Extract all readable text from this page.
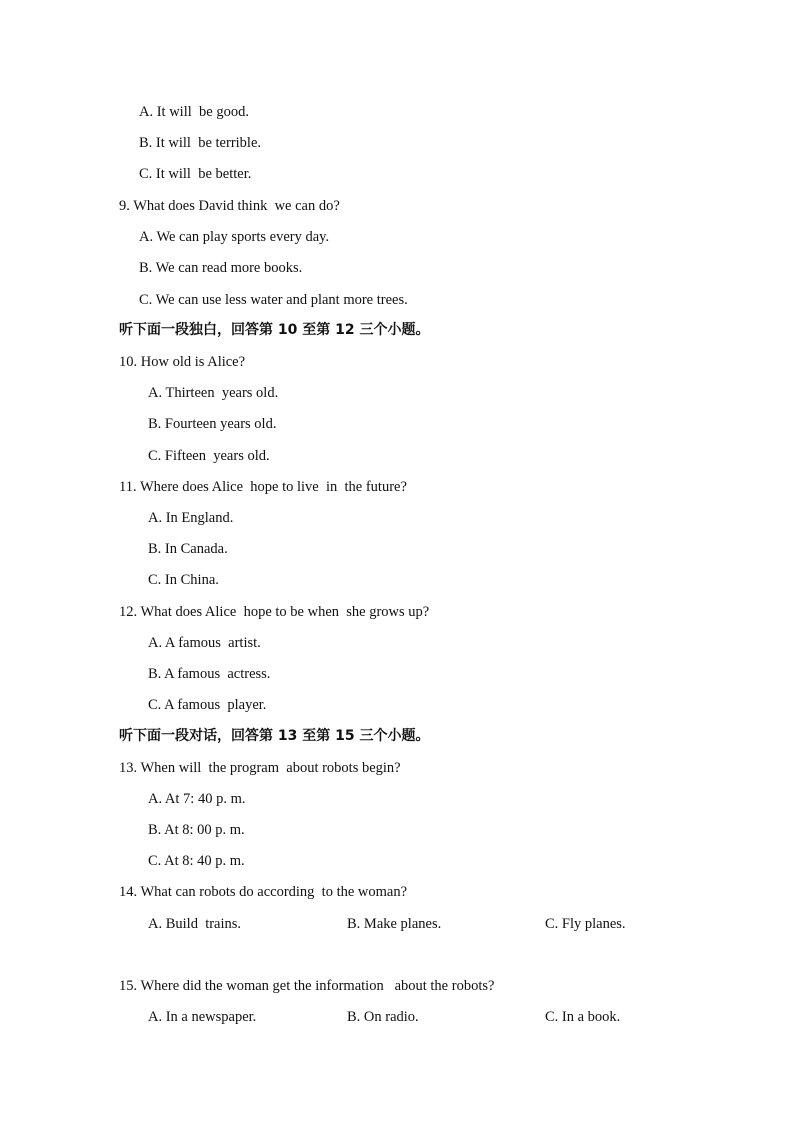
A. It will  be good.
B. It will  be terrible.
C. It will  be better.
9. What does David think  we can do?
A. We can play sports every day.
B. We can read more books.
C. We can use less water and plant more trees.
听下面一段独白，回答第 10 至第 12 三个小题。
10. How old is Alice?
A. Thirteen  years old.
B. Fourteen years old.
C. Fifteen  years old.
11. Where does Alice  hope to live  in  the future?
A. In England.
B. In Canada.
C. In China.
12. What does Alice  hope to be when  she grows up?
A. A famous  artist.
B. A famous  actress.
C. A famous  player.
听下面一段对话，回答第 13 至第 15 三个小题。
13. When will  the program  about robots begin?
A. At 7: 40 p. m.
B. At 8: 00 p. m.
C. At 8: 40 p. m.
14. What can robots do according  to the woman?
A. Build  trains.	B. Make planes.	C. Fly planes.
15. Where did the woman get the information   about the robots?
A. In a newspaper.	B. On radio.	C. In a book.
